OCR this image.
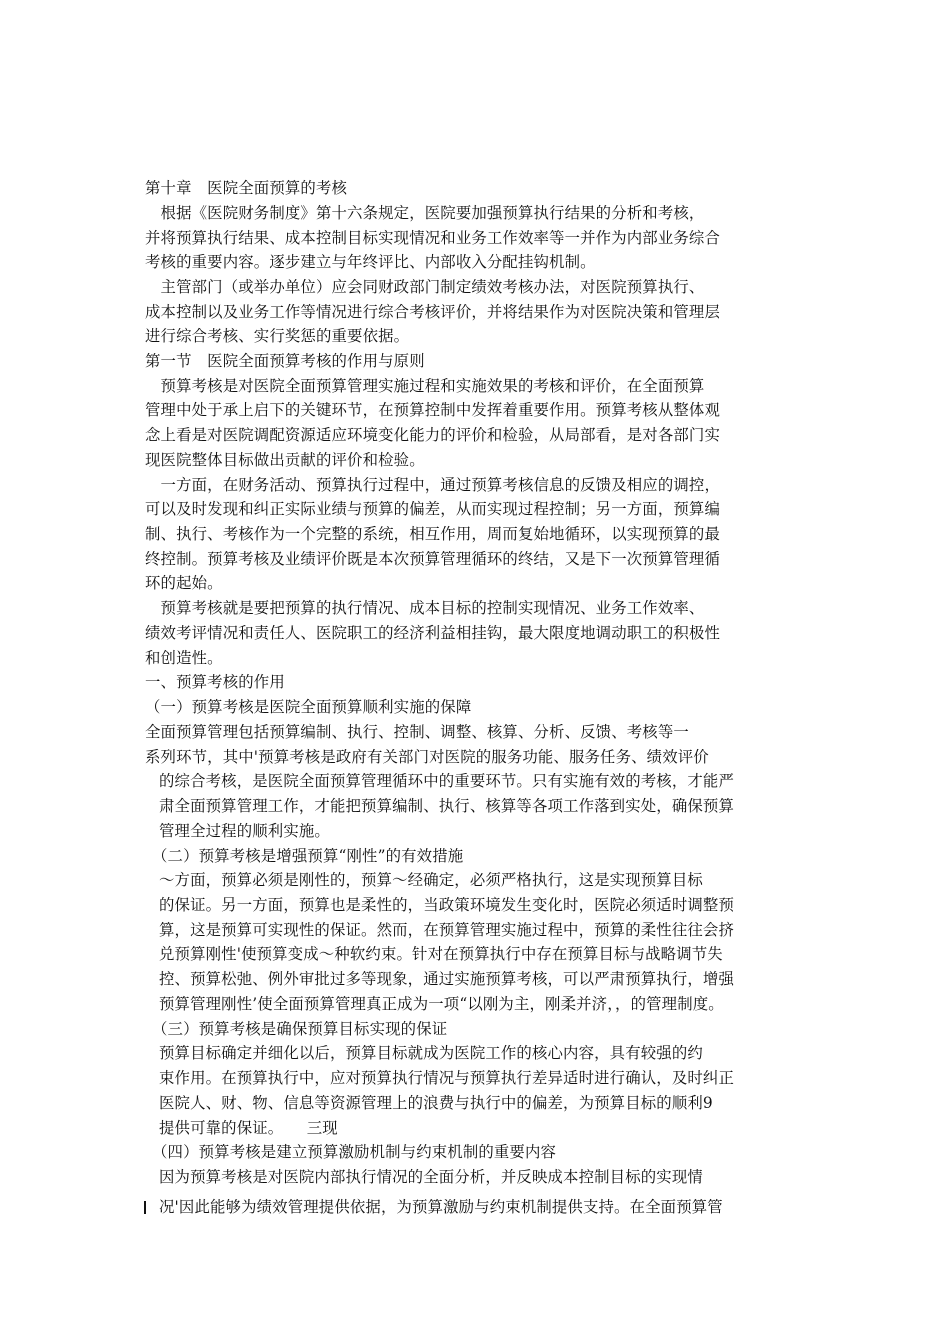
第十章　医院全面预算的考核
　根据《医院财务制度》第十六条规定，医院要加强预算执行结果的分析和考核，
并将预算执行结果、成本控制目标实现情况和业务工作效率等一并作为内部业务综合
考核的重要内容。逐步建立与年终评比、内部收入分配挂钩机制。
　主管部门（或举办单位）应会同财政部门制定绩效考核办法，对医院预算执行、
成本控制以及业务工作等情况进行综合考核评价，并将结果作为对医院决策和管理层
进行综合考核、实行奖惩的重要依据。
第一节　医院全面预算考核的作用与原则
　预算考核是对医院全面预算管理实施过程和实施效果的考核和评价，在全面预算
管理中处于承上启下的关键环节，在预算控制中发挥着重要作用。预算考核从整体观
念上看是对医院调配资源适应环境变化能力的评价和检验，从局部看，是对各部门实
现医院整体目标做出贡献的评价和检验。
　一方面，在财务活动、预算执行过程中，通过预算考核信息的反馈及相应的调控，
可以及时发现和纠正实际业绩与预算的偏差，从而实现过程控制；另一方面，预算编
制、执行、考核作为一个完整的系统，相互作用，周而复始地循环，以实现预算的最
终控制。预算考核及业绩评价既是本次预算管理循环的终结，又是下一次预算管理循
环的起始。
　预算考核就是要把预算的执行情况、成本目标的控制实现情况、业务工作效率、
绩效考评情况和责任人、医院职工的经济利益相挂钩，最大限度地调动职工的积极性
和创造性。
一、预算考核的作用
（一）预算考核是医院全面预算顺利实施的保障
全面预算管理包括预算编制、执行、控制、调整、核算、分析、反馈、考核等一
系列环节，其中'预算考核是政府有关部门对医院的服务功能、服务任务、绩效评价
的综合考核，是医院全面预算管理循环中的重要环节。只有实施有效的考核，才能严
肃全面预算管理工作，才能把预算编制、执行、核算等各项工作落到实处，确保预算
管理全过程的顺利实施。
（二）预算考核是增强预算“刚性”的有效措施
～方面，预算必须是刚性的，预算～经确定，必须严格执行，这是实现预算目标
的保证。另一方面，预算也是柔性的，当政策环境发生变化时，医院必须适时调整预
算，这是预算可实现性的保证。然而，在预算管理实施过程中，预算的柔性往往会挤
兑预算刚性'使预算变成～种软约束。针对在预算执行中存在预算目标与战略调节失
控、预算松弛、例外审批过多等现象，通过实施预算考核，可以严肃预算执行，增强
预算管理刚性’使全面预算管理真正成为一项“以刚为主，刚柔并济，，的管理制度。
（三）预算考核是确保预算目标实现的保证
预算目标确定并细化以后，预算目标就成为医院工作的核心内容，具有较强的约
束作用。在预算执行中，应对预算执行情况与预算执行差异适时进行确认，及时纠正
医院人、财、物、信息等资源管理上的浪费与执行中的偏差，为预算目标的顺利9
提供可靠的保证。　　三现
（四）预算考核是建立预算激励机制与约束机制的重要内容
因为预算考核是对医院内部执行情况的全面分析，并反映成本控制目标的实现情
况'因此能够为绩效管理提供依据，为预算激励与约束机制提供支持。在全面预算管
